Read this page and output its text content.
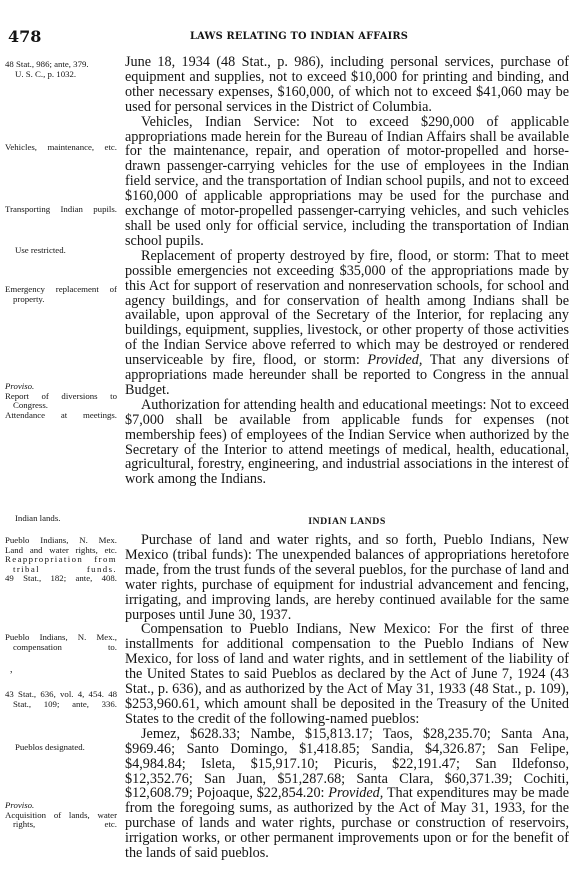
478	LAWS RELATING TO INDIAN AFFAIRS
48 Stat., 986; ante, 379.
U. S. C., p. 1032.
Vehicles, maintenance, etc.
Transporting Indian pupils.
Use restricted.
Emergency replacement of property.
Proviso.
Report of diversions to Congress.
Attendance at meetings.
Indian lands.
Pueblo Indians, N. Mex.
Land and water rights, etc.
Reappropriation from tribal funds.
49 Stat., 182; ante, 408.
Pueblo Indians, N. Mex., compensation to.
,
43 Stat., 636, vol. 4, 454. 48 Stat., 109; ante, 336.
Pueblos designated.
Proviso.
Acquisition of lands, water rights, etc.

June 18, 1934 (48 Stat., p. 986), including personal services, purchase of equipment and supplies, not to exceed $10,000 for printing and binding, and other necessary expenses, $160,000, of which not to exceed $41,060 may be used for personal services in the District of Columbia.

Vehicles, Indian Service: Not to exceed $290,000 of applicable appropriations made herein for the Bureau of Indian Affairs shall be available for the maintenance, repair, and operation of motor-propelled and horse-drawn passenger-carrying vehicles for the use of employees in the Indian field service, and the transportation of Indian school pupils, and not to exceed $160,000 of applicable appropriations may be used for the purchase and exchange of motor-propelled passenger-carrying vehicles, and such vehicles shall be used only for official service, including the transportation of Indian school pupils.

Replacement of property destroyed by fire, flood, or storm: That to meet possible emergencies not exceeding $35,000 of the appropriations made by this Act for support of reservation and nonreservation schools, for school and agency buildings, and for conservation of health among Indians shall be available, upon approval of the Secretary of the Interior, for replacing any buildings, equipment, supplies, livestock, or other property of those activities of the Indian Service above referred to which may be destroyed or rendered unserviceable by fire, flood, or storm: Provided, That any diversions of appropriations made hereunder shall be reported to Congress in the annual Budget.

Authorization for attending health and educational meetings: Not to exceed $7,000 shall be available from applicable funds for expenses (not membership fees) of employees of the Indian Service when authorized by the Secretary of the Interior to attend meetings of medical, health, educational, agricultural, forestry, engineering, and industrial associations in the interest of work among the Indians.

INDIAN LANDS

Purchase of land and water rights, and so forth, Pueblo Indians, New Mexico (tribal funds): The unexpended balances of appropriations heretofore made, from the trust funds of the several pueblos, for the purchase of land and water rights, purchase of equipment for industrial advancement and fencing, irrigating, and improving lands, are hereby continued available for the same purposes until June 30, 1937.

Compensation to Pueblo Indians, New Mexico: For the first of three installments for additional compensation to the Pueblo Indians of New Mexico, for loss of land and water rights, and in settlement of the liability of the United States to said Pueblos as declared by the Act of June 7, 1924 (43 Stat., p. 636), and as authorized by the Act of May 31, 1933 (48 Stat., p. 109), $253,960.61, which amount shall be deposited in the Treasury of the United States to the credit of the following-named pueblos:

Jemez, $628.33; Nambe, $15,813.17; Taos, $28,235.70; Santa Ana, $969.46; Santo Domingo, $1,418.85; Sandia, $4,326.87; San Felipe, $4,984.84; Isleta, $15,917.10; Picuris, $22,191.47; San Ildefonso, $12,352.76; San Juan, $51,287.68; Santa Clara, $60,371.39; Cochiti, $12,608.79; Pojoaque, $22,854.20: Provided, That expenditures may be made from the foregoing sums, as authorized by the Act of May 31, 1933, for the purchase of lands and water rights, purchase or construction of reservoirs, irrigation works, or other permanent improvements upon or for the benefit of the lands of said pueblos.
